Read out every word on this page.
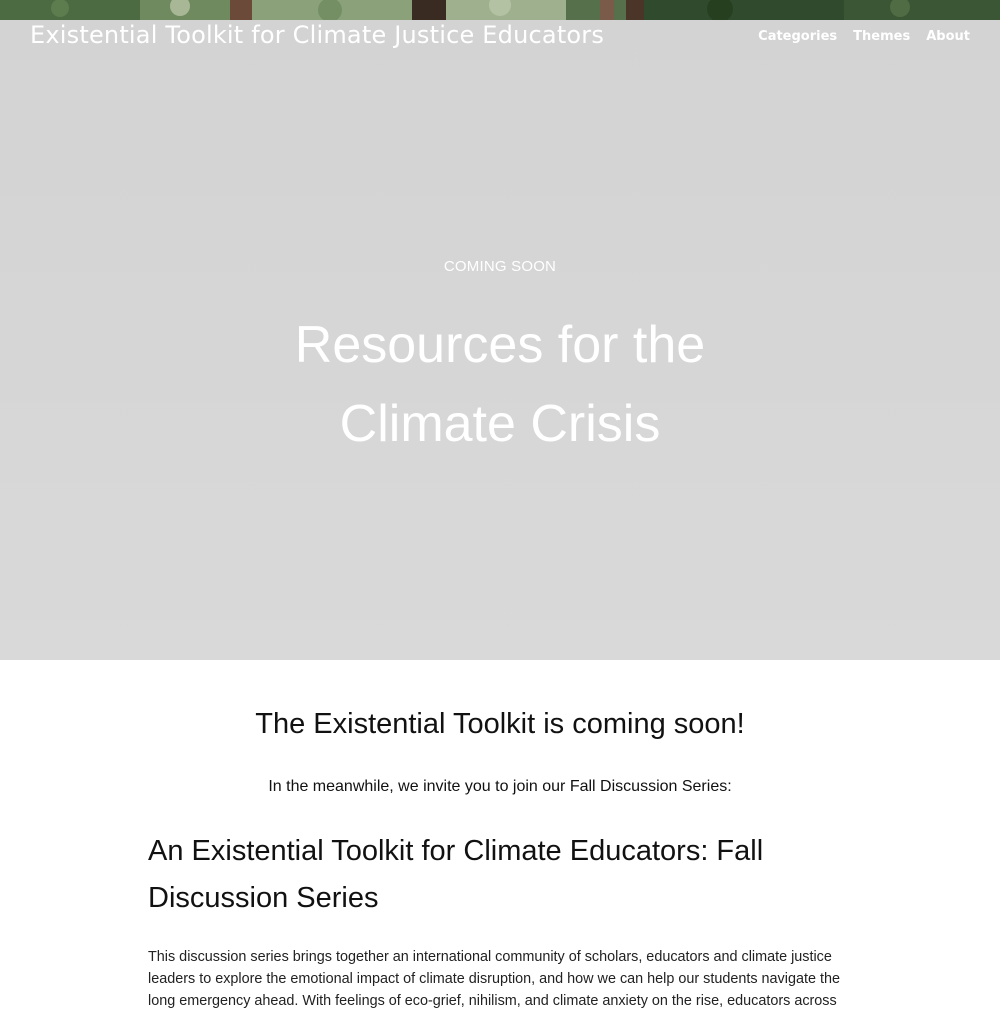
Existential Toolkit for Climate Justice Educators	Categories Themes About
COMING SOON
Resources for the Climate Crisis
The Existential Toolkit is coming soon!

In the meanwhile, we invite you to join our Fall Discussion Series:

An Existential Toolkit for Climate Educators: Fall Discussion Series

This discussion series brings together an international community of scholars, educators and climate justice leaders to explore the emotional impact of climate disruption, and how we can help our students navigate the long emergency ahead. With feelings of eco-grief, nihilism, and climate anxiety on the rise, educators across
